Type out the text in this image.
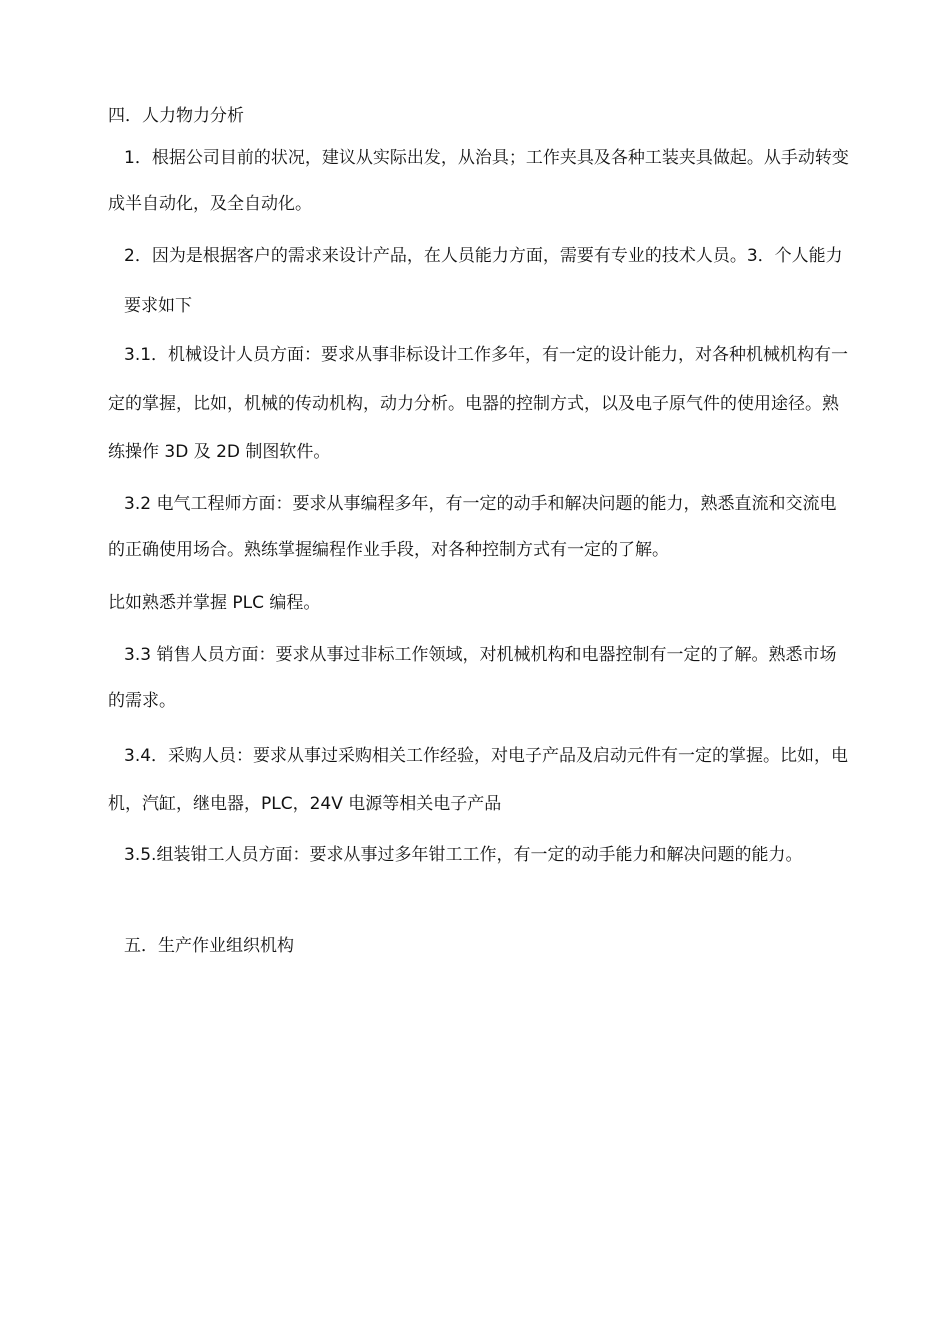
四．人力物力分析
1．根据公司目前的状况，建议从实际出发，从治具；工作夹具及各种工装夹具做起。从手动转变
成半自动化，及全自动化。
2．因为是根据客户的需求来设计产品，在人员能力方面，需要有专业的技术人员。3．个人能力
要求如下
3.1．机械设计人员方面：要求从事非标设计工作多年，有一定的设计能力，对各种机械机构有一
定的掌握，比如，机械的传动机构，动力分析。电器的控制方式，以及电子原气件的使用途径。熟
练操作 3D 及 2D 制图软件。
3.2 电气工程师方面：要求从事编程多年，有一定的动手和解决问题的能力，熟悉直流和交流电
的正确使用场合。熟练掌握编程作业手段，对各种控制方式有一定的了解。
比如熟悉并掌握 PLC 编程。
3.3 销售人员方面：要求从事过非标工作领域，对机械机构和电器控制有一定的了解。熟悉市场
的需求。
3.4．采购人员：要求从事过采购相关工作经验，对电子产品及启动元件有一定的掌握。比如，电
机，汽缸，继电器，PLC，24V 电源等相关电子产品
3.5.组装钳工人员方面：要求从事过多年钳工工作，有一定的动手能力和解决问题的能力。
五．生产作业组织机构
